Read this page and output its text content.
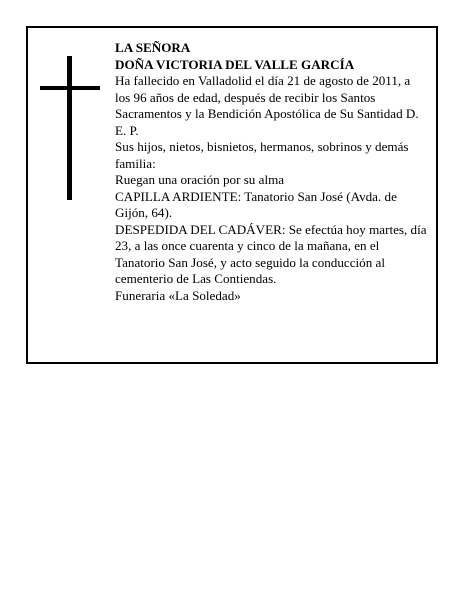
LA SEÑORA

DOÑA VICTORIA DEL VALLE GARCÍA

Ha fallecido en Valladolid el día 21 de agosto de 2011, a los 96 años de edad, después de recibir los Santos Sacramentos y la Bendición Apostólica de Su Santidad D. E. P.

Sus hijos, nietos, bisnietos, hermanos, sobrinos y demás familia:

Ruegan una oración por su alma

CAPILLA ARDIENTE: Tanatorio San José (Avda. de Gijón, 64).

DESPEDIDA DEL CADÁVER: Se efectúa hoy martes, día 23, a las once cuarenta y cinco de la mañana, en el Tanatorio San José, y acto seguido la conducción al cementerio de Las Contiendas.

Funeraria «La Soledad»
